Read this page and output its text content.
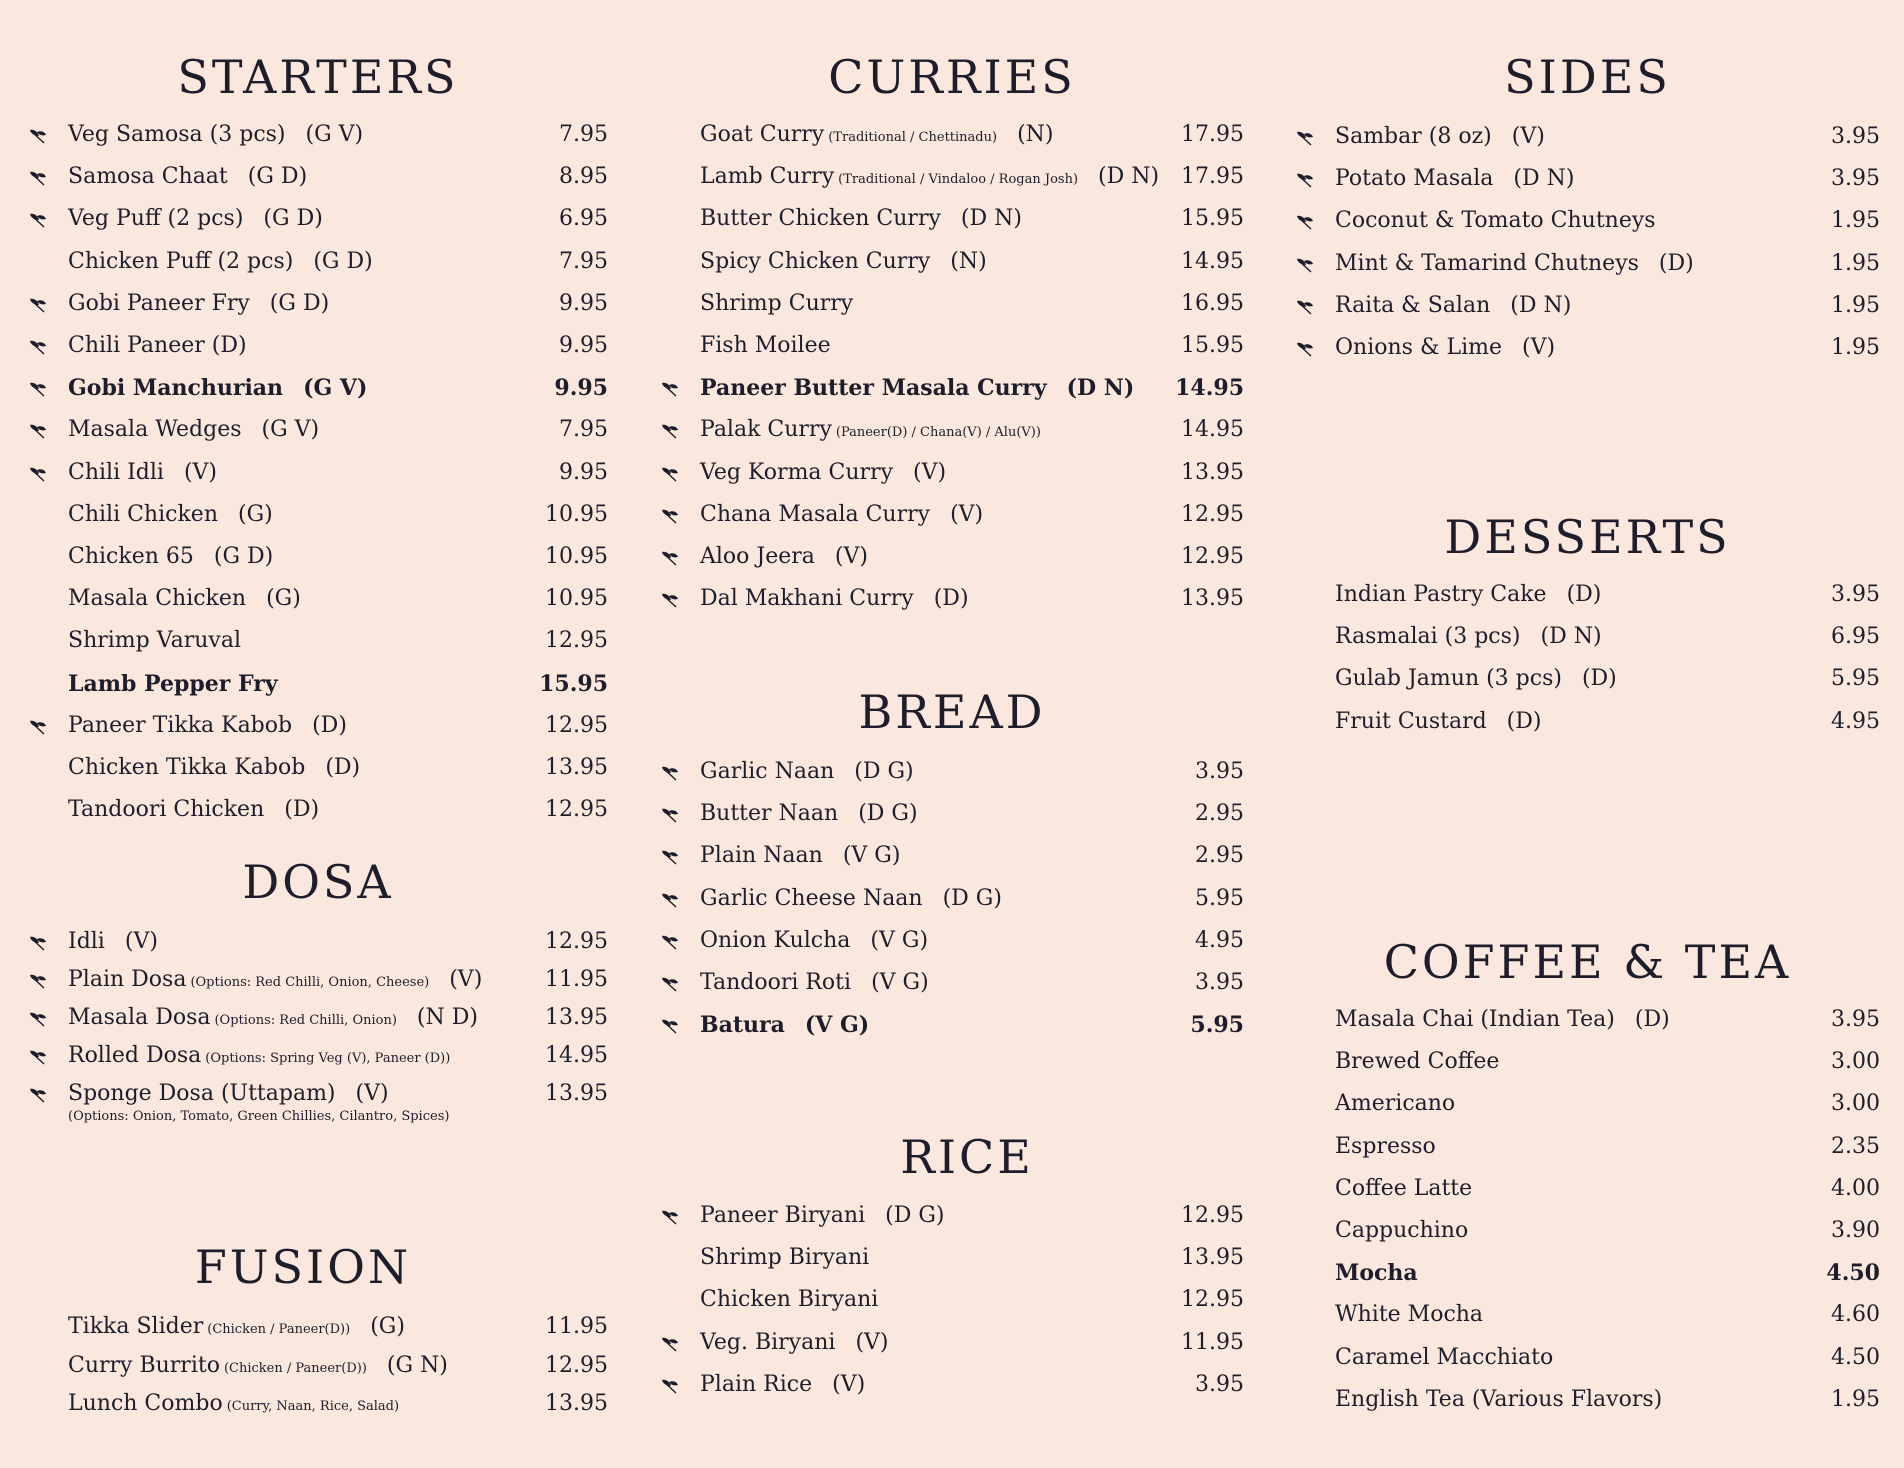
STARTERS
Veg Samosa (3 pcs) (G V)	7.95
Samosa Chaat (G D)	8.95
Veg Puff (2 pcs) (G D)	6.95
Chicken Puff (2 pcs) (G D)	7.95
Gobi Paneer Fry (G D)	9.95
Chili Paneer (D)	9.95
Gobi Manchurian (G V)	9.95
Masala Wedges (G V)	7.95
Chili Idli (V)	9.95
Chili Chicken (G)	10.95
Chicken 65 (G D)	10.95
Masala Chicken (G)	10.95
Shrimp Varuval	12.95
Lamb Pepper Fry	15.95
Paneer Tikka Kabob (D)	12.95
Chicken Tikka Kabob (D)	13.95
Tandoori Chicken (D)	12.95
DOSA
Idli (V)	12.95
Plain Dosa (Options: Red Chilli, Onion, Cheese) (V)	11.95
Masala Dosa (Options: Red Chilli, Onion) (N D)	13.95
Rolled Dosa (Options: Spring Veg (V), Paneer (D))	14.95
Sponge Dosa (Uttapam) (V)	13.95
(Options: Onion, Tomato, Green Chillies, Cilantro, Spices)
FUSION
Tikka Slider (Chicken / Paneer(D)) (G)	11.95
Curry Burrito (Chicken / Paneer(D)) (G N)	12.95
Lunch Combo (Curry, Naan, Rice, Salad)	13.95
CURRIES
Goat Curry (Traditional / Chettinadu) (N)	17.95
Lamb Curry (Traditional / Vindaloo / Rogan Josh) (D N) 17.95
Butter Chicken Curry (D N)	15.95
Spicy Chicken Curry (N)	14.95
Shrimp Curry	16.95
Fish Moilee	15.95
Paneer Butter Masala Curry (D N) 14.95
Palak Curry (Paneer(D) / Chana(V) / Alu(V))	14.95
Veg Korma Curry (V)	13.95
Chana Masala Curry (V)	12.95
Aloo Jeera (V)	12.95
Dal Makhani Curry (D)	13.95
BREAD
Garlic Naan (D G)	3.95
Butter Naan (D G)	2.95
Plain Naan (V G)	2.95
Garlic Cheese Naan (D G)	5.95
Onion Kulcha (V G)	4.95
Tandoori Roti (V G)	3.95
Batura (V G)	5.95
RICE
Paneer Biryani (D G)	12.95
Shrimp Biryani	13.95
Chicken Biryani	12.95
Veg. Biryani (V)	11.95
Plain Rice (V)	3.95
SIDES
Sambar (8 oz) (V)	3.95
Potato Masala (D N)	3.95
Coconut & Tomato Chutneys	1.95
Mint & Tamarind Chutneys (D)	1.95
Raita & Salan (D N)	1.95
Onions & Lime (V)	1.95
DESSERTS
Indian Pastry Cake (D)	3.95
Rasmalai (3 pcs) (D N)	6.95
Gulab Jamun (3 pcs) (D)	5.95
Fruit Custard (D)	4.95
COFFEE & TEA
Masala Chai (Indian Tea) (D)	3.95
Brewed Coffee	3.00
Americano	3.00
Espresso	2.35
Coffee Latte	4.00
Cappuchino	3.90
Mocha	4.50
White Mocha	4.60
Caramel Macchiato	4.50
English Tea (Various Flavors)	1.95
